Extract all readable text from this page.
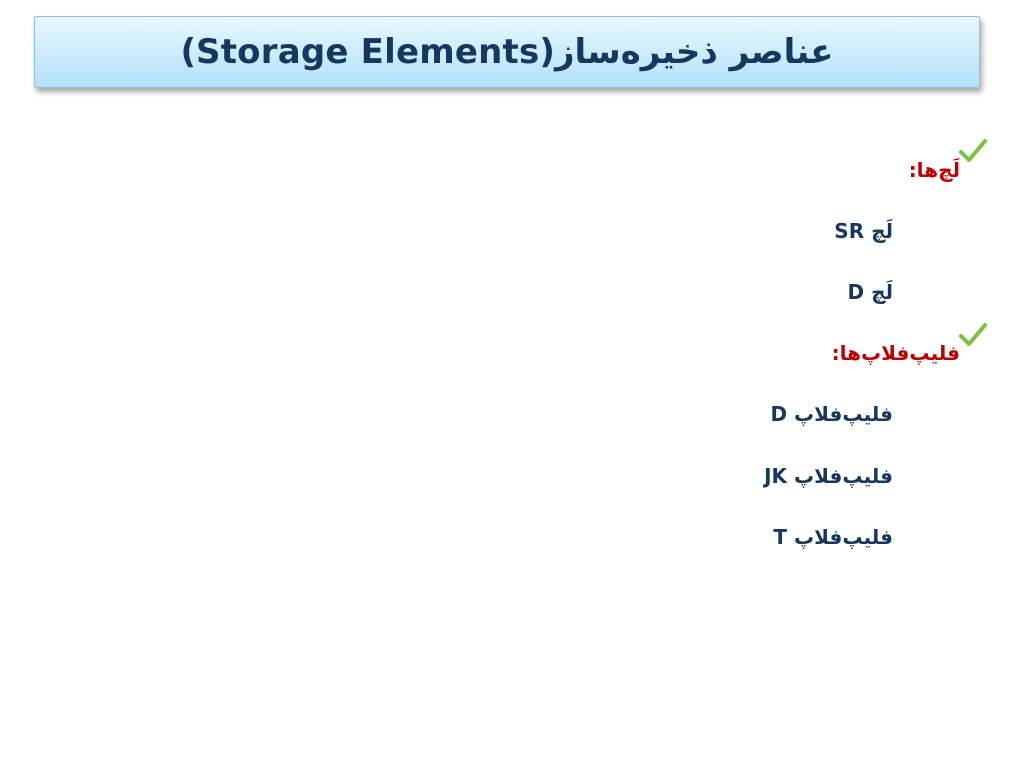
عناصر ذخیره‌ساز(Storage Elements)
لَچ‌ها:
لَچ SR
لَچ D
فلیپ‌فلاپ‌ها:
فلیپ‌فلاپ D
فلیپ‌فلاپ JK
فلیپ‌فلاپ T
